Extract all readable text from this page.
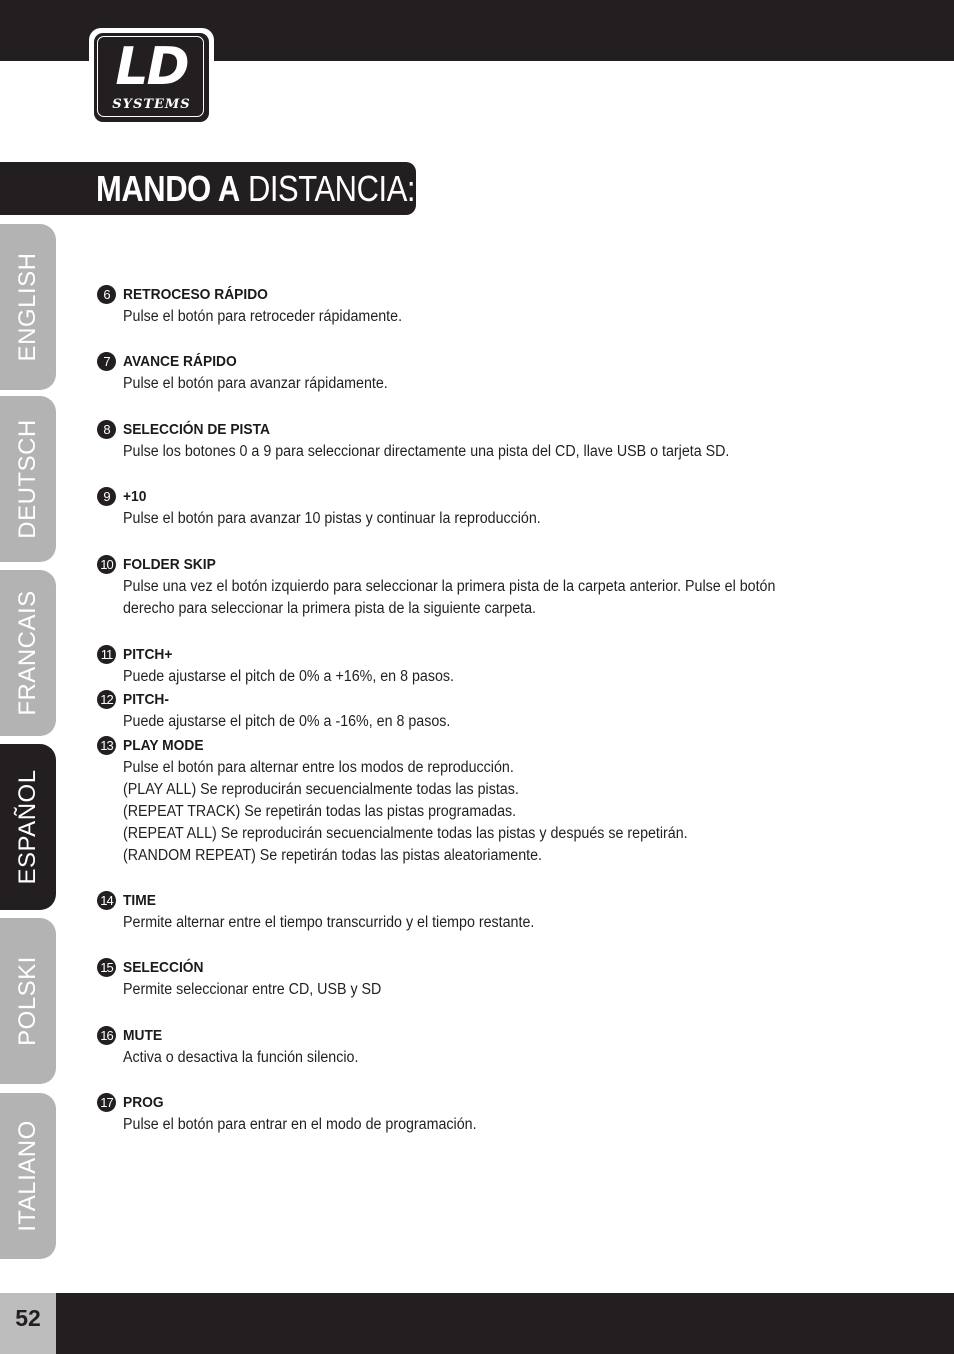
LD
SYSTEMS
MANDO A DISTANCIA:
ENGLISH
DEUTSCH
FRANCAIS
ESPAÑOL
POLSKI
ITALIANO
6 RETROCESO RÁPIDO
Pulse el botón para retroceder rápidamente.
7 AVANCE RÁPIDO
Pulse el botón para avanzar rápidamente.
8 SELECCIÓN DE PISTA
Pulse los botones 0 a 9 para seleccionar directamente una pista del CD, llave USB o tarjeta SD.
9 +10
Pulse el botón para avanzar 10 pistas y continuar la reproducción.
10 FOLDER SKIP
Pulse una vez el botón izquierdo para seleccionar la primera pista de la carpeta anterior. Pulse el botón
derecho para seleccionar la primera pista de la siguiente carpeta.
11 PITCH+
Puede ajustarse el pitch de 0% a +16%, en 8 pasos.
12 PITCH-
Puede ajustarse el pitch de 0% a -16%, en 8 pasos.
13 PLAY MODE
Pulse el botón para alternar entre los modos de reproducción.
(PLAY ALL) Se reproducirán secuencialmente todas las pistas.
(REPEAT TRACK) Se repetirán todas las pistas programadas.
(REPEAT ALL) Se reproducirán secuencialmente todas las pistas y después se repetirán.
(RANDOM REPEAT) Se repetirán todas las pistas aleatoriamente.
14 TIME
Permite alternar entre el tiempo transcurrido y el tiempo restante.
15 SELECCIÓN
Permite seleccionar entre CD, USB y SD
16 MUTE
Activa o desactiva la función silencio.
17 PROG
Pulse el botón para entrar en el modo de programación.
52
